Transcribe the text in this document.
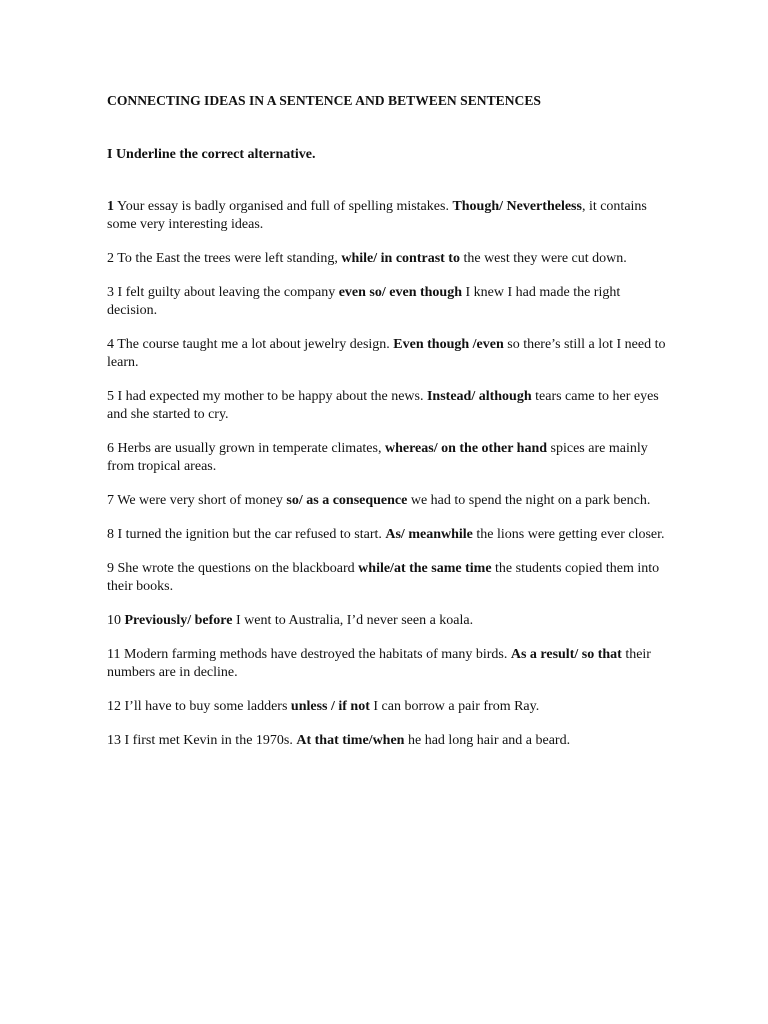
CONNECTING IDEAS IN A SENTENCE AND BETWEEN SENTENCES

I Underline the correct alternative.

1 Your essay is badly organised and full of spelling mistakes. Though/ Nevertheless, it contains some very interesting ideas.
2 To the East the trees were left standing, while/ in contrast to the west they were cut down.
3 I felt guilty about leaving the company even so/ even though I knew I had made the right decision.
4 The course taught me a lot about jewelry design. Even though /even so there’s still a lot I need to learn.
5 I had expected my mother to be happy about the news. Instead/ although tears came to her eyes and she started to cry.
6 Herbs are usually grown in temperate climates, whereas/ on the other hand spices are mainly from tropical areas.
7 We were very short of money so/ as a consequence we had to spend the night on a park bench.
8 I turned the ignition but the car refused to start. As/ meanwhile the lions were getting ever closer.
9 She wrote the questions on the blackboard while/at the same time the students copied them into their books.
10 Previously/ before I went to Australia, I’d never seen a koala.
11 Modern farming methods have destroyed the habitats of many birds. As a result/ so that their numbers are in decline.
12 I’ll have to buy some ladders unless / if not I can borrow a pair from Ray.
13 I first met Kevin in the 1970s. At that time/when he had long hair and a beard.
